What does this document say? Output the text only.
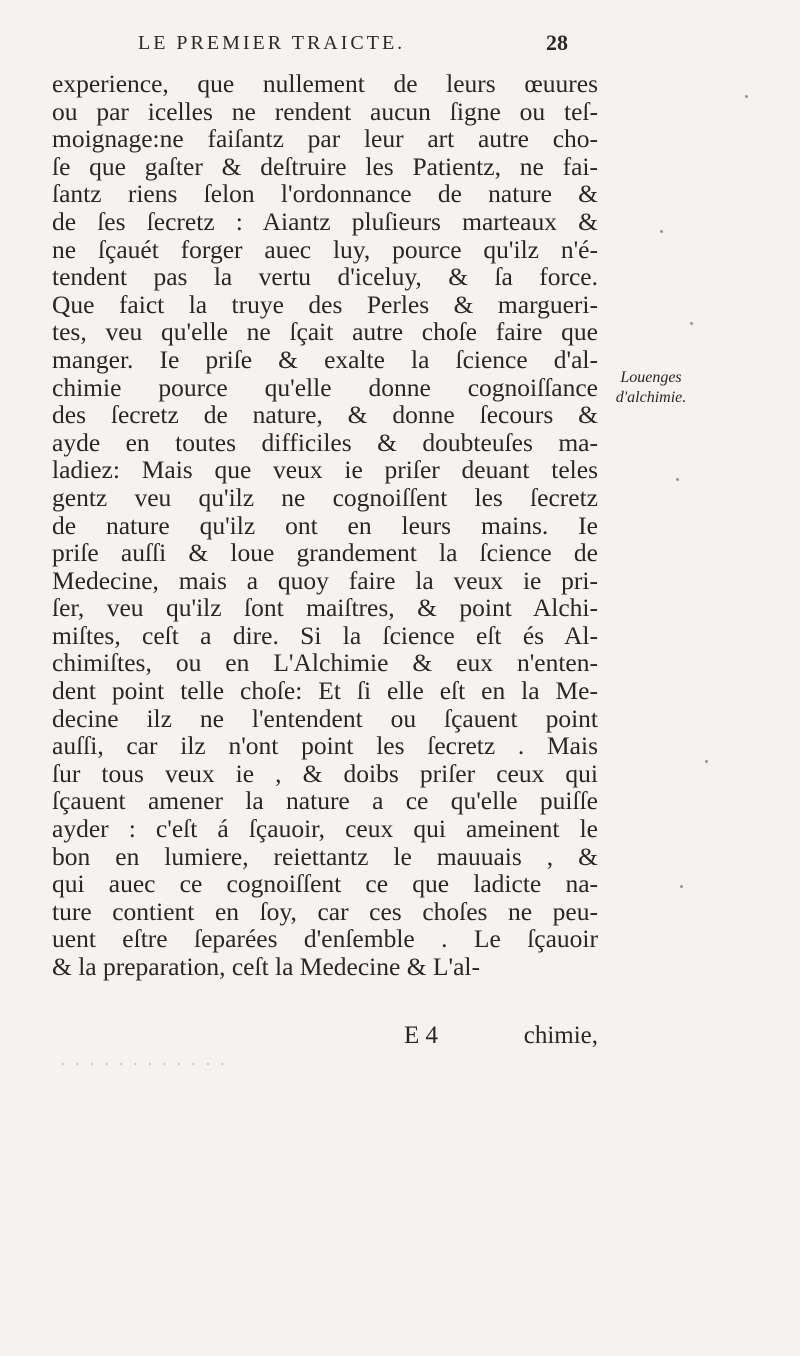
LE PREMIER TRAICTE.	28
experience, que nullement de leurs œuures
ou par icelles ne rendent aucun ſigne ou teſ-
moignage:ne faiſantz par leur art autre cho-
ſe que gaſter & deſtruire les Patientz, ne fai-
ſantz riens ſelon l'ordonnance de nature &
de ſes ſecretz : Aiantz pluſieurs marteaux &
ne ſçauét forger auec luy, pource qu'ilz n'é-
tendent pas la vertu d'iceluy, & ſa force.
Que faict la truye des Perles & margueri-
tes, veu qu'elle ne ſçait autre choſe faire que
manger. Ie priſe & exalte la ſcience d'al-
chimie pource qu'elle donne cognoiſſance
des ſecretz de nature, & donne ſecours &
ayde en toutes difficiles & doubteuſes ma-
ladiez: Mais que veux ie priſer deuant teles
gentz veu qu'ilz ne cognoiſſent les ſecretz
de nature qu'ilz ont en leurs mains. Ie
priſe auſſi & loue grandement la ſcience de
Medecine, mais a quoy faire la veux ie pri-
ſer, veu qu'ilz ſont maiſtres, & point Alchi-
miſtes, ceſt a dire. Si la ſcience eſt és Al-
chimiſtes, ou en L'Alchimie & eux n'enten-
dent point telle choſe: Et ſi elle eſt en la Me-
decine ilz ne l'entendent ou ſçauent point
auſſi, car ilz n'ont point les ſecretz . Mais
ſur tous veux ie , & doibs priſer ceux qui
ſçauent amener la nature a ce qu'elle puiſſe
ayder : c'eſt á ſçauoir, ceux qui ameinent le
bon en lumiere, reiettantz le mauuais , &
qui auec ce cognoiſſent ce que ladicte na-
ture contient en ſoy, car ces choſes ne peu-
uent eſtre ſeparées d'enſemble . Le ſçauoir
& la preparation, ceſt la Medecine & L'al-
Louenges
d'alchimie.
E 4	chimie,
· · · · · · · · · · · ·
